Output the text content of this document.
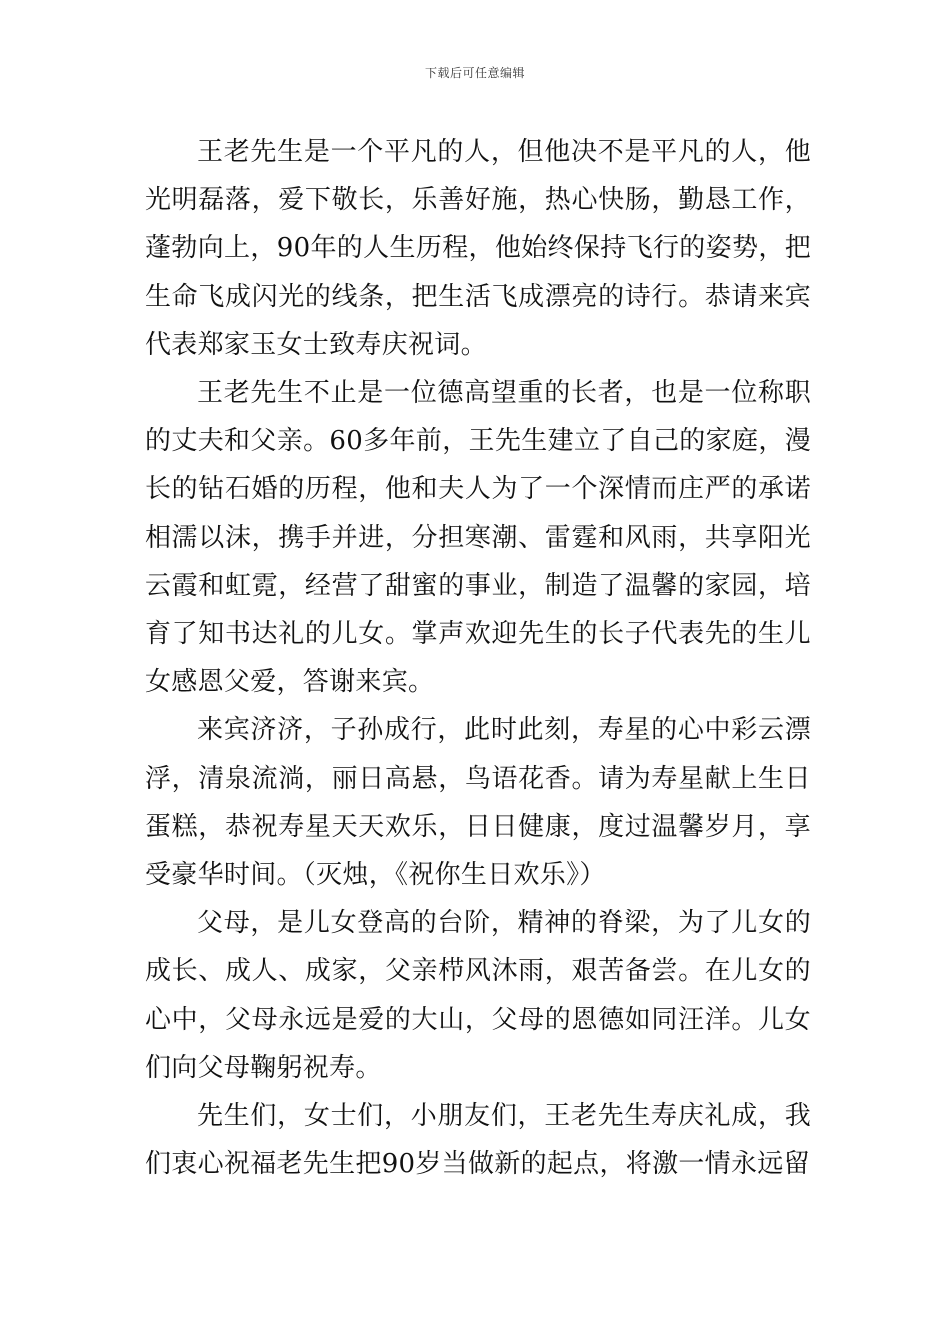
下载后可任意编辑

王老先生是一个平凡的人，但他决不是平凡的人，他光明磊落，爱下敬长，乐善好施，热心快肠，勤恳工作，蓬勃向上，90年的人生历程，他始终保持飞行的姿势，把生命飞成闪光的线条，把生活飞成漂亮的诗行。恭请来宾代表郑家玉女士致寿庆祝词。

王老先生不止是一位德高望重的长者，也是一位称职的丈夫和父亲。60多年前，王先生建立了自己的家庭，漫长的钻石婚的历程，他和夫人为了一个深情而庄严的承诺相濡以沫，携手并进，分担寒潮、雷霆和风雨，共享阳光云霞和虹霓，经营了甜蜜的事业，制造了温馨的家园，培育了知书达礼的儿女。掌声欢迎先生的长子代表先的生儿女感恩父爱，答谢来宾。

来宾济济，子孙成行，此时此刻，寿星的心中彩云漂浮，清泉流淌，丽日高悬，鸟语花香。请为寿星献上生日蛋糕，恭祝寿星天天欢乐，日日健康，度过温馨岁月，享受豪华时间。（灭烛，《祝你生日欢乐》）

父母，是儿女登高的台阶，精神的脊梁，为了儿女的成长、成人、成家，父亲栉风沐雨，艰苦备尝。在儿女的心中，父母永远是爱的大山，父母的恩德如同汪洋。儿女们向父母鞠躬祝寿。

先生们，女士们，小朋友们，王老先生寿庆礼成，我们衷心祝福老先生把90岁当做新的起点，将激一情永远留
